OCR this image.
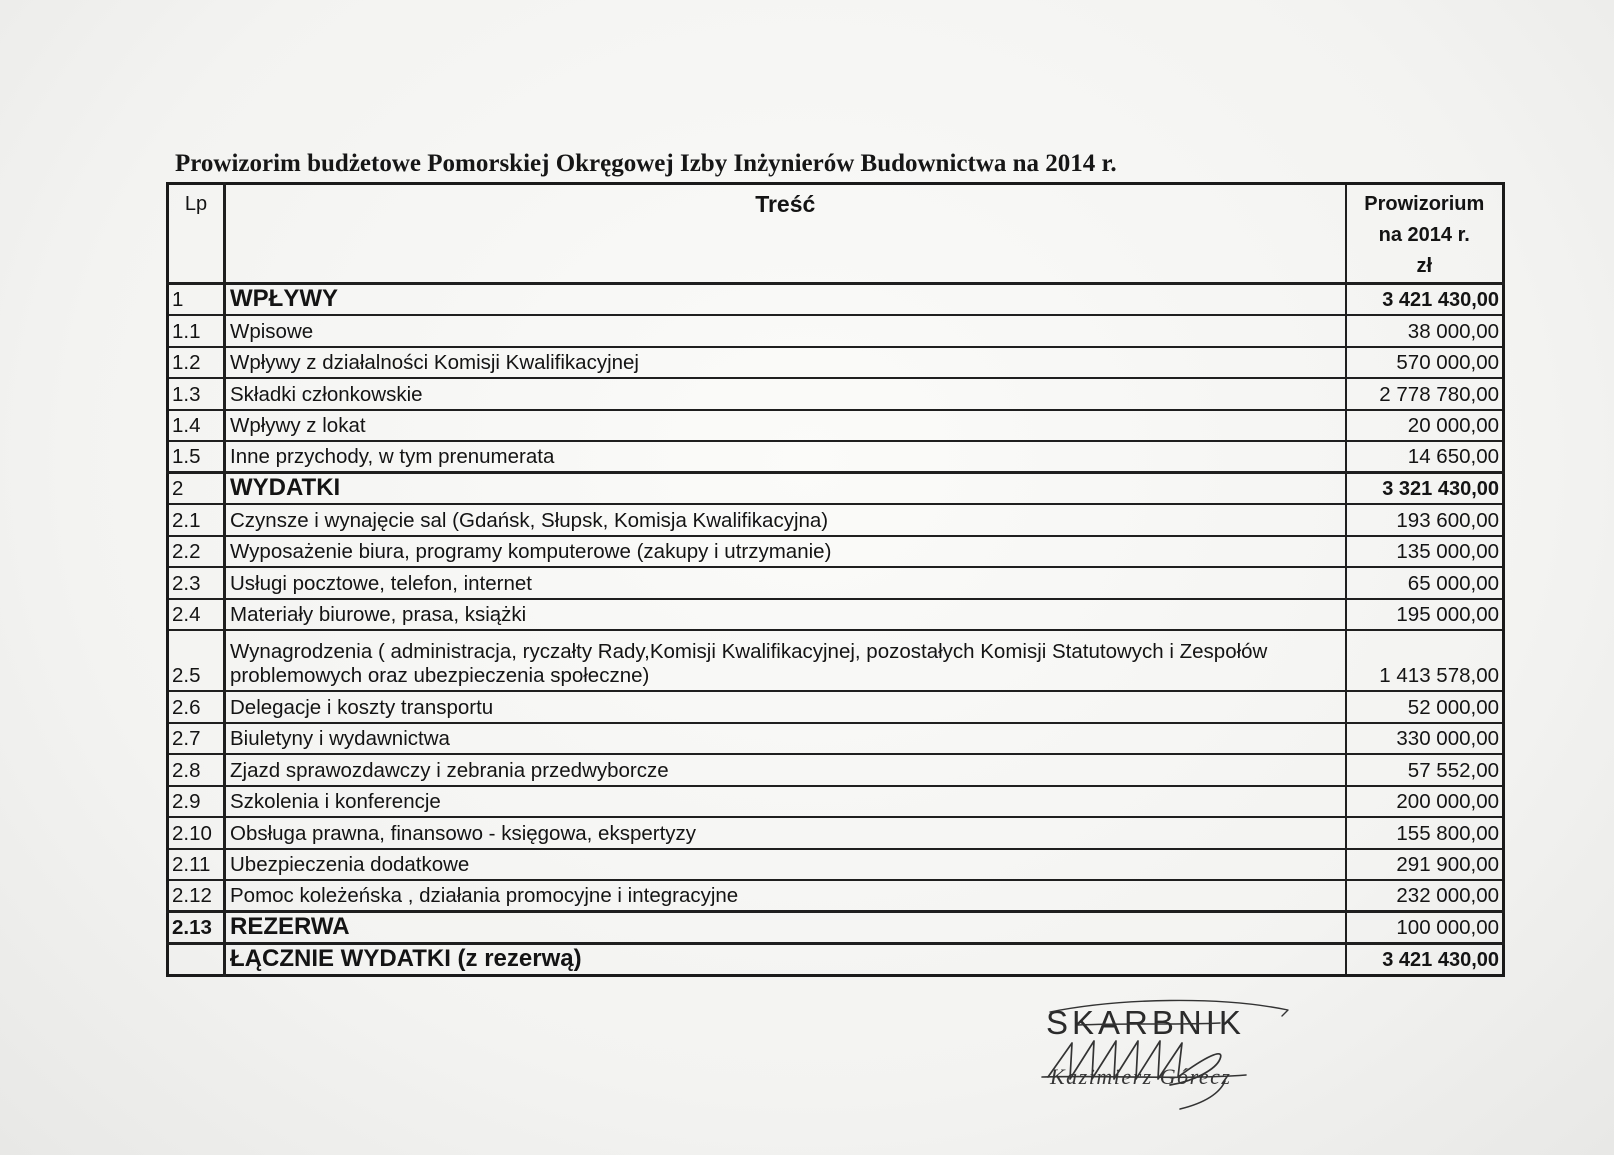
Prowizorim budżetowe Pomorskiej Okręgowej Izby Inżynierów Budownictwa na 2014 r.
Lp	Treść	Prowizorium
na 2014 r.
zł

1	WPŁYWY	3 421 430,00
1.1	Wpisowe	38 000,00
1.2	Wpływy z działalności Komisji Kwalifikacyjnej	570 000,00
1.3	Składki członkowskie	2 778 780,00
1.4	Wpływy z lokat	20 000,00
1.5	Inne przychody, w tym prenumerata	14 650,00
2	WYDATKI	3 321 430,00
2.1	Czynsze i wynajęcie sal (Gdańsk, Słupsk, Komisja Kwalifikacyjna)	193 600,00
2.2	Wyposażenie biura, programy komputerowe (zakupy i utrzymanie)	135 000,00
2.3	Usługi pocztowe, telefon, internet	65 000,00
2.4	Materiały biurowe, prasa, książki	195 000,00
2.5	Wynagrodzenia ( administracja, ryczałty Rady,Komisji Kwalifikacyjnej, pozostałych Komisji Statutowych i Zespołów problemowych oraz ubezpieczenia społeczne)	1 413 578,00
2.6	Delegacje i koszty transportu	52 000,00
2.7	Biuletyny i wydawnictwa	330 000,00
2.8	Zjazd sprawozdawczy i zebrania przedwyborcze	57 552,00
2.9	Szkolenia i konferencje	200 000,00
2.10	Obsługa prawna, finansowo - księgowa, ekspertyzy	155 800,00
2.11	Ubezpieczenia dodatkowe	291 900,00
2.12	Pomoc koleżeńska , działania promocyjne i integracyjne	232 000,00
2.13	REZERWA	100 000,00
	ŁĄCZNIE WYDATKI (z rezerwą)	3 421 430,00
SKARBNIK
Kazimierz Górecz
